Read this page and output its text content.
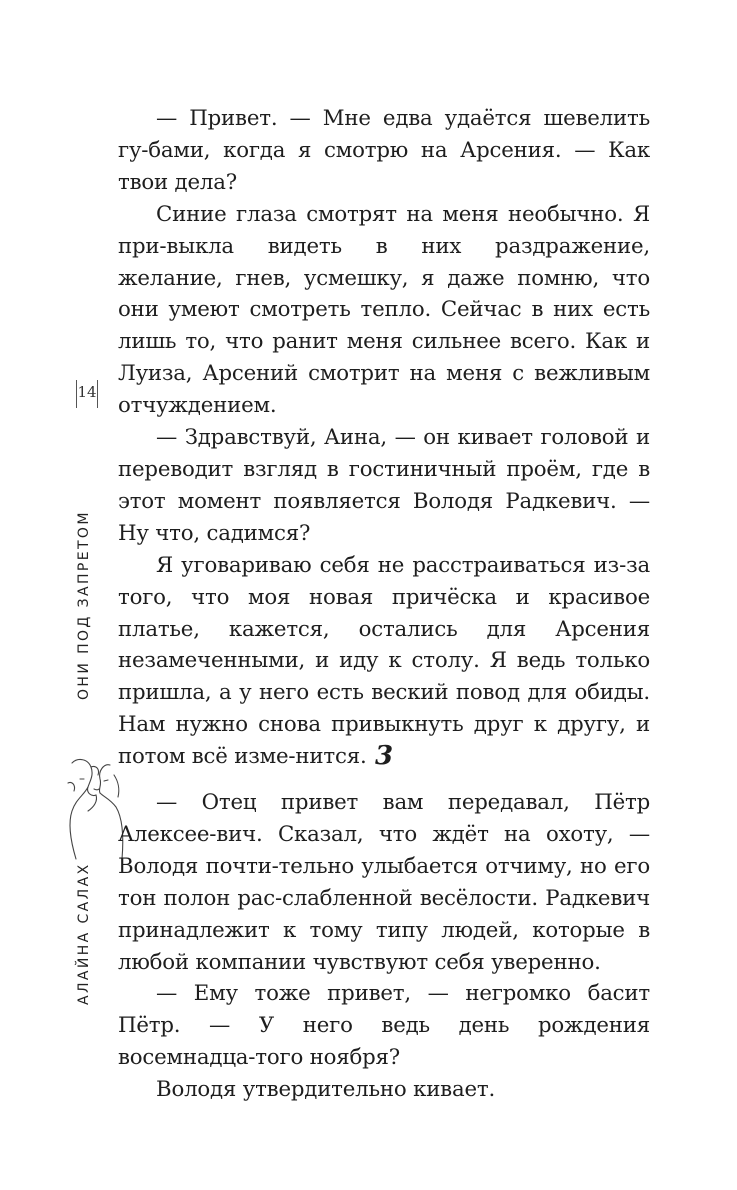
14
ОНИ ПОД ЗАПРЕТОМ
АЛАЙНА САЛАХ

— Привет. — Мне едва удаётся шевелить гу-бами, когда я смотрю на Арсения. — Как твои дела?

Синие глаза смотрят на меня необычно. Я при-выкла видеть в них раздражение, желание, гнев, усмешку, я даже помню, что они умеют смотреть тепло. Сейчас в них есть лишь то, что ранит меня сильнее всего. Как и Луиза, Арсений смотрит на меня с вежливым отчуждением.

— Здравствуй, Аина, — он кивает головой и переводит взгляд в гостиничный проём, где в этот момент появляется Володя Радкевич. — Ну что, садимся?

Я уговариваю себя не расстраиваться из-за того, что моя новая причёска и красивое платье, кажется, остались для Арсения незамеченными, и иду к столу. Я ведь только пришла, а у него есть веский повод для обиды. Нам нужно снова привыкнуть друг к другу, и потом всё изме-нится. 3

— Отец привет вам передавал, Пётр Алексее-вич. Сказал, что ждёт на охоту, — Володя почти-тельно улыбается отчиму, но его тон полон рас-слабленной весёлости. Радкевич принадлежит к тому типу людей, которые в любой компании чувствуют себя уверенно.

— Ему тоже привет, — негромко басит Пётр. — У него ведь день рождения восемнадца-того ноября?

Володя утвердительно кивает.
